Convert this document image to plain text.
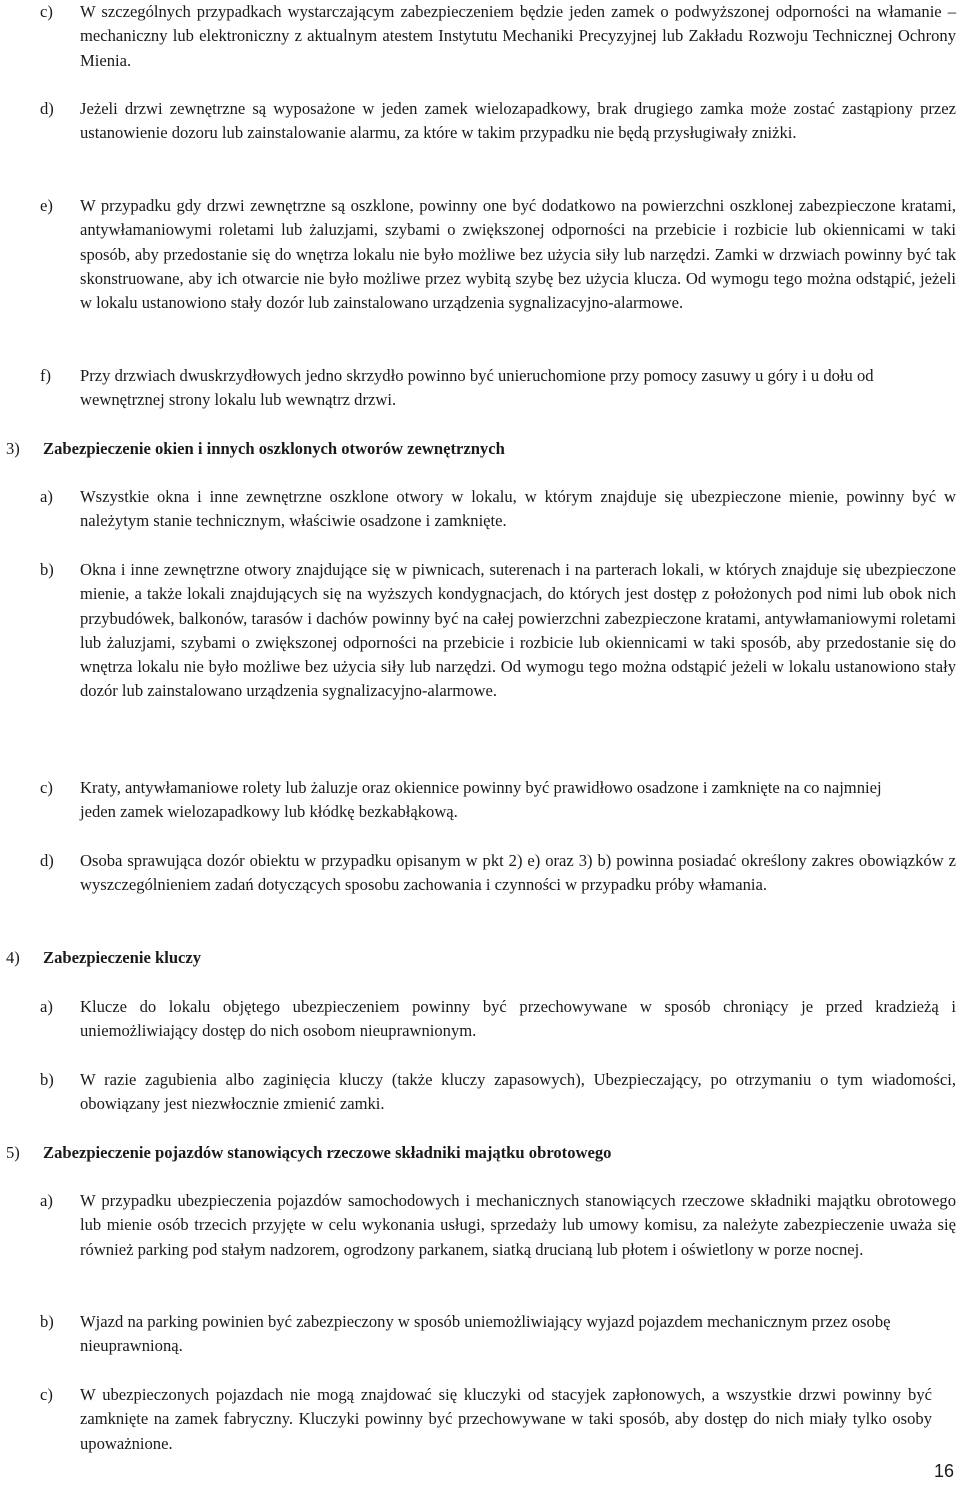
c) W szczególnych przypadkach wystarczającym zabezpieczeniem będzie jeden zamek o podwyższonej odporności na włamanie – mechaniczny lub elektroniczny z aktualnym atestem Instytutu Mechaniki Precyzyjnej lub Zakładu Rozwoju Technicznej Ochrony Mienia.
d) Jeżeli drzwi zewnętrzne są wyposażone w jeden zamek wielozapadkowy, brak drugiego zamka może zostać zastąpiony przez ustanowienie dozoru lub zainstalowanie alarmu, za które w takim przypadku nie będą przysługiwały zniżki.
e) W przypadku gdy drzwi zewnętrzne są oszklone, powinny one być dodatkowo na powierzchni oszklonej zabezpieczone kratami, antywłamaniowymi roletami lub żaluzjami, szybami o zwiększonej odporności na przebicie i rozbicie lub okiennicami w taki sposób, aby przedostanie się do wnętrza lokalu nie było możliwe bez użycia siły lub narzędzi. Zamki w drzwiach powinny być tak skonstruowane, aby ich otwarcie nie było możliwe przez wybitą szybę bez użycia klucza. Od wymogu tego można odstąpić, jeżeli w lokalu ustanowiono stały dozór lub zainstalowano urządzenia sygnalizacyjno-alarmowe.
f) Przy drzwiach dwuskrzydłowych jedno skrzydło powinno być unieruchomione przy pomocy zasuwy u góry i u dołu od wewnętrznej strony lokalu lub wewnątrz drzwi.
3) Zabezpieczenie okien i innych oszklonych otworów zewnętrznych
a) Wszystkie okna i inne zewnętrzne oszklone otwory w lokalu, w którym znajduje się ubezpieczone mienie, powinny być w należytym stanie technicznym, właściwie osadzone i zamknięte.
b) Okna i inne zewnętrzne otwory znajdujące się w piwnicach, suterenach i na parterach lokali, w których znajduje się ubezpieczone mienie, a także lokali znajdujących się na wyższych kondygnacjach, do których jest dostęp z położonych pod nimi lub obok nich przybudówek, balkonów, tarasów i dachów powinny być na całej powierzchni zabezpieczone kratami, antywłamaniowymi roletami lub żaluzjami, szybami o zwiększonej odporności na przebicie i rozbicie lub okiennicami w taki sposób, aby przedostanie się do wnętrza lokalu nie było możliwe bez użycia siły lub narzędzi. Od wymogu tego można odstąpić jeżeli w lokalu ustanowiono stały dozór lub zainstalowano urządzenia sygnalizacyjno-alarmowe.
c) Kraty, antywłamaniowe rolety lub żaluzje oraz okiennice powinny być prawidłowo osadzone i zamknięte na co najmniej jeden zamek wielozapadkowy lub kłódkę bezkabłąkową.
d) Osoba sprawująca dozór obiektu w przypadku opisanym w pkt 2) e) oraz 3) b) powinna posiadać określony zakres obowiązków z wyszczególnieniem zadań dotyczących sposobu zachowania i czynności w przypadku próby włamania.
4) Zabezpieczenie kluczy
a) Klucze do lokalu objętego ubezpieczeniem powinny być przechowywane w sposób chroniący je przed kradzieżą i uniemożliwiający dostęp do nich osobom nieuprawnionym.
b) W razie zagubienia albo zaginięcia kluczy (także kluczy zapasowych), Ubezpieczający, po otrzymaniu o tym wiadomości, obowiązany jest niezwłocznie zmienić zamki.
5) Zabezpieczenie pojazdów stanowiących rzeczowe składniki majątku obrotowego
a) W przypadku ubezpieczenia pojazdów samochodowych i mechanicznych stanowiących rzeczowe składniki majątku obrotowego lub mienie osób trzecich przyjęte w celu wykonania usługi, sprzedaży lub umowy komisu, za należyte zabezpieczenie uważa się również parking pod stałym nadzorem, ogrodzony parkanem, siatką drucianą lub płotem i oświetlony w porze nocnej.
b) Wjazd na parking powinien być zabezpieczony w sposób uniemożliwiający wyjazd pojazdem mechanicznym przez osobę nieuprawnioną.
c) W ubezpieczonych pojazdach nie mogą znajdować się kluczyki od stacyjek zapłonowych, a wszystkie drzwi powinny być zamknięte na zamek fabryczny. Kluczyki powinny być przechowywane w taki sposób, aby dostęp do nich miały tylko osoby upoważnione.
16
